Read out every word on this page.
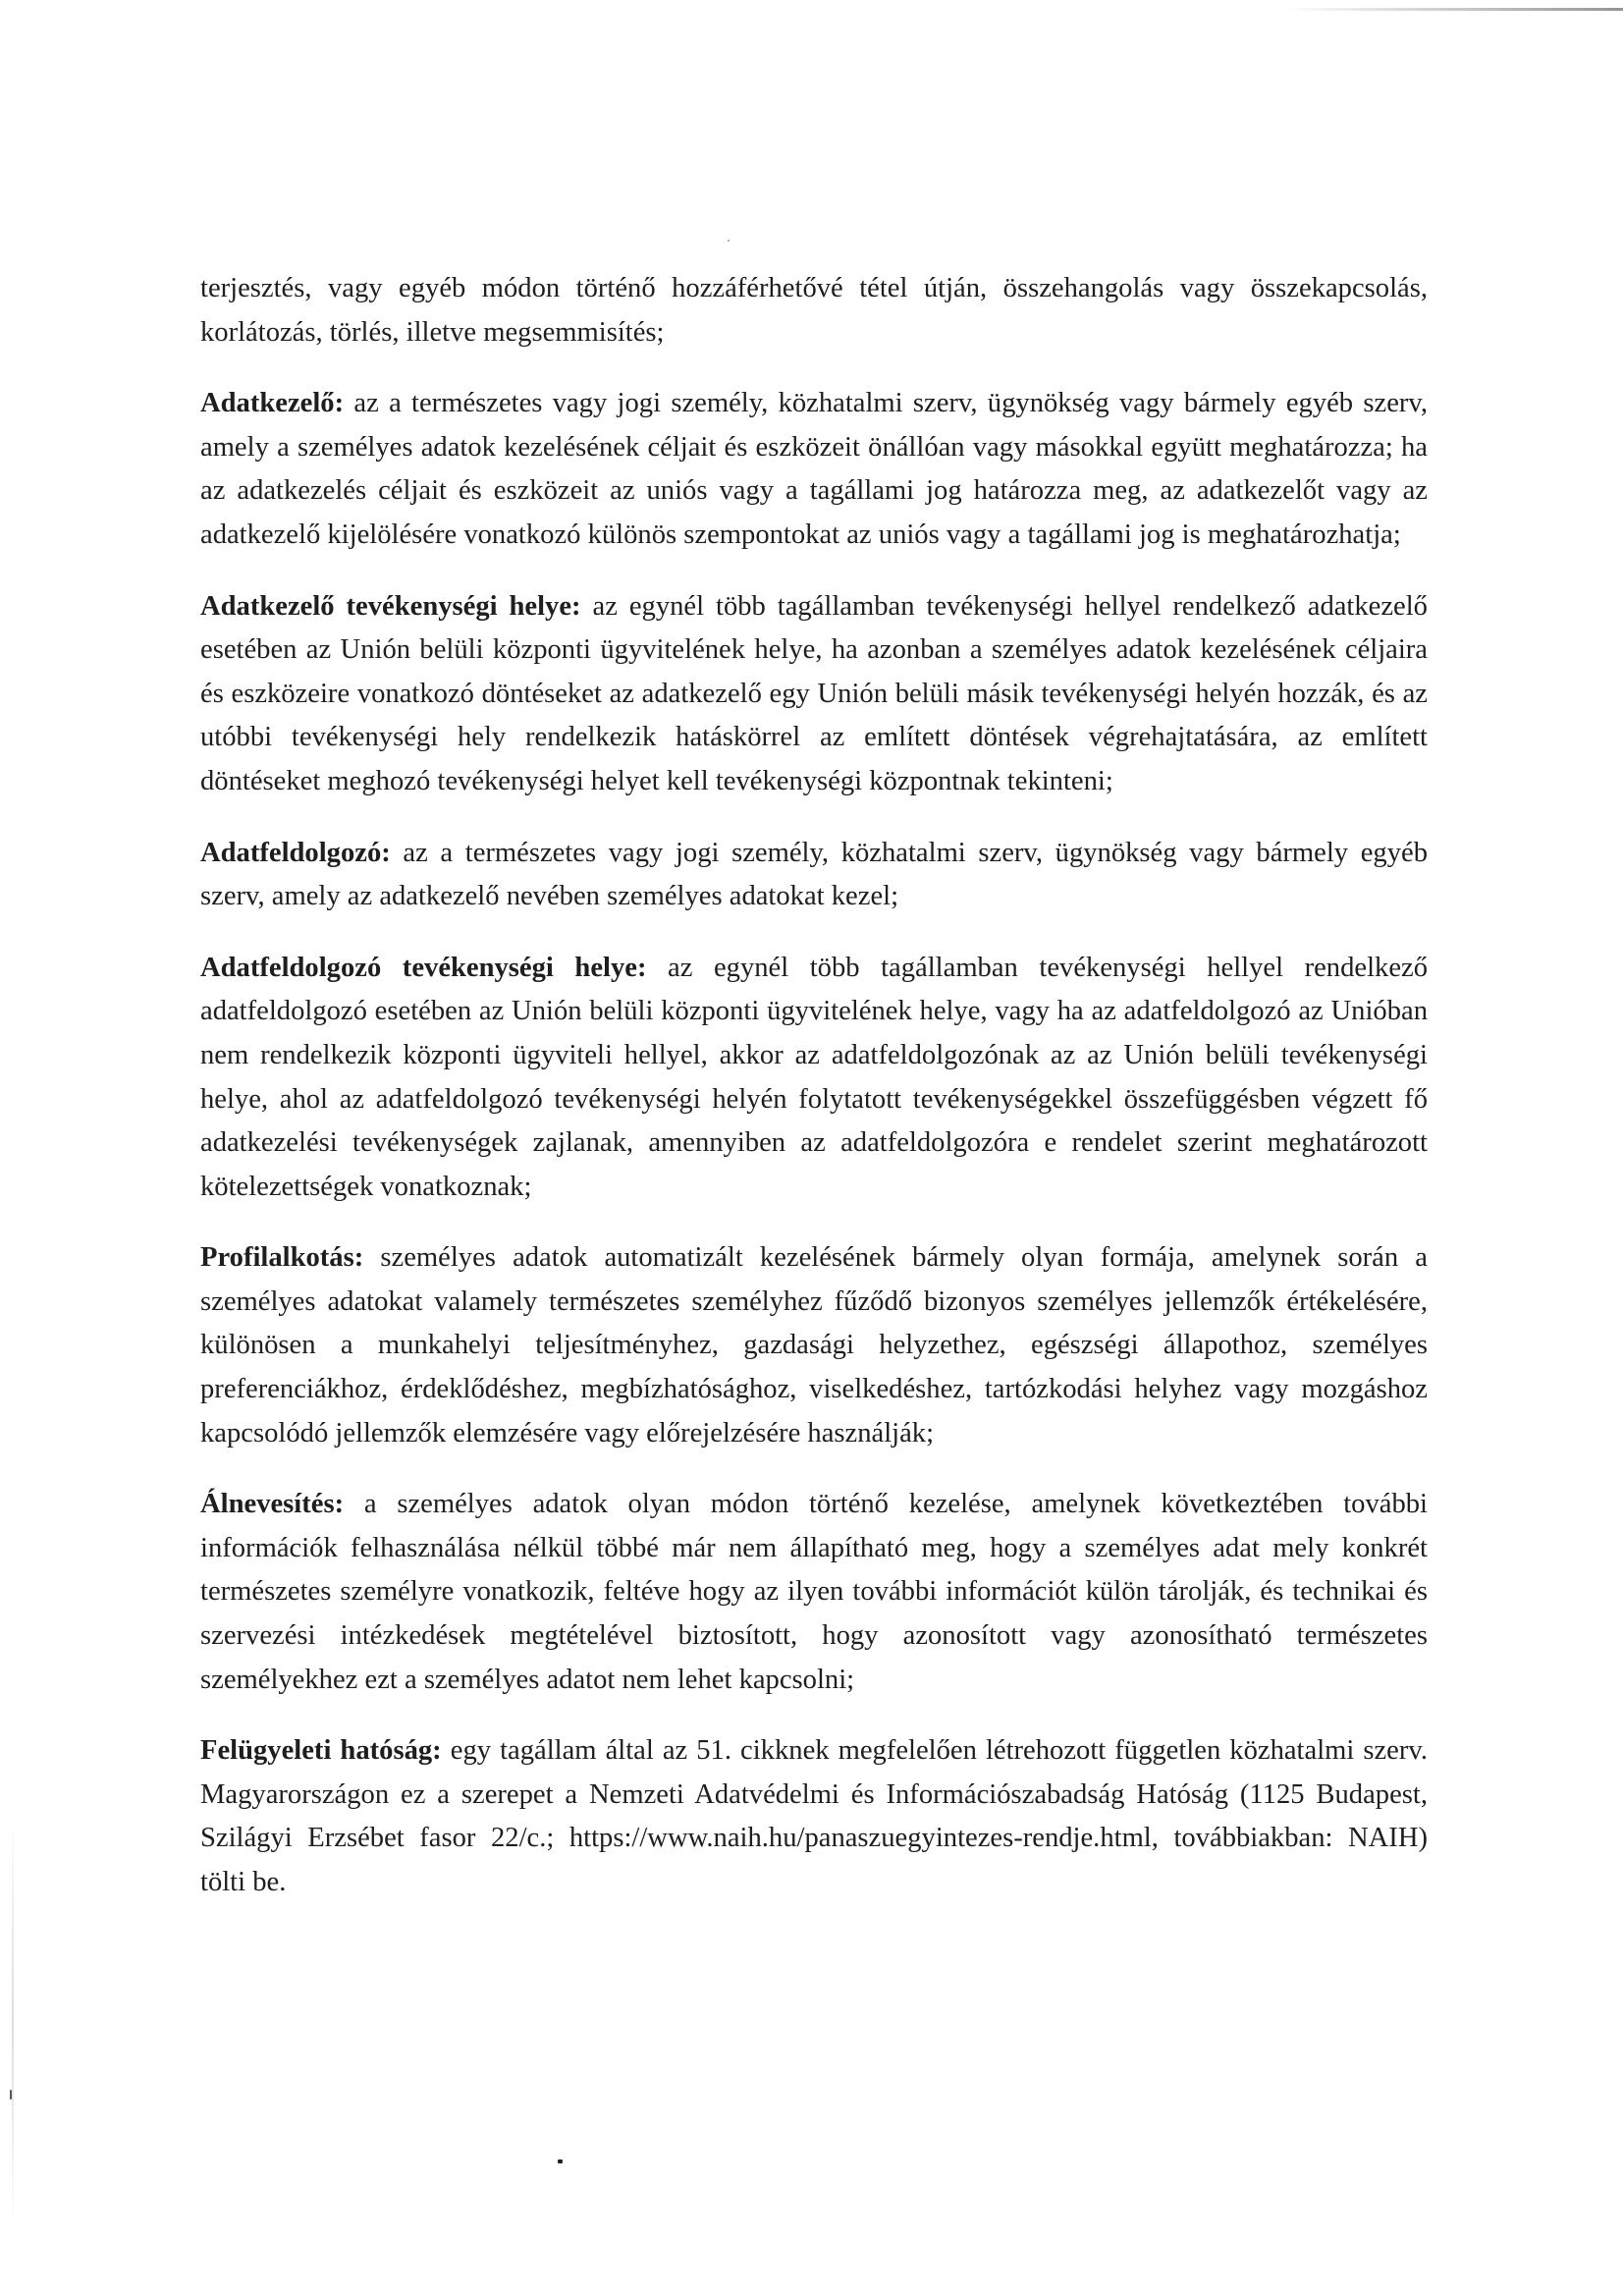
terjesztés, vagy egyéb módon történő hozzáférhetővé tétel útján, összehangolás vagy összekapcsolás, korlátozás, törlés, illetve megsemmisítés;

Adatkezelő: az a természetes vagy jogi személy, közhatalmi szerv, ügynökség vagy bármely egyéb szerv, amely a személyes adatok kezelésének céljait és eszközeit önállóan vagy másokkal együtt meghatározza; ha az adatkezelés céljait és eszközeit az uniós vagy a tagállami jog határozza meg, az adatkezelőt vagy az adatkezelő kijelölésére vonatkozó különös szempontokat az uniós vagy a tagállami jog is meghatározhatja;

Adatkezelő tevékenységi helye: az egynél több tagállamban tevékenységi hellyel rendelkező adatkezelő esetében az Unión belüli központi ügyvitelének helye, ha azonban a személyes adatok kezelésének céljaira és eszközeire vonatkozó döntéseket az adatkezelő egy Unión belüli másik tevékenységi helyén hozzák, és az utóbbi tevékenységi hely rendelkezik hatáskörrel az említett döntések végrehajtatására, az említett döntéseket meghozó tevékenységi helyet kell tevékenységi központnak tekinteni;

Adatfeldolgozó: az a természetes vagy jogi személy, közhatalmi szerv, ügynökség vagy bármely egyéb szerv, amely az adatkezelő nevében személyes adatokat kezel;

Adatfeldolgozó tevékenységi helye: az egynél több tagállamban tevékenységi hellyel rendelkező adatfeldolgozó esetében az Unión belüli központi ügyvitelének helye, vagy ha az adatfeldolgozó az Unióban nem rendelkezik központi ügyviteli hellyel, akkor az adatfeldolgozónak az az Unión belüli tevékenységi helye, ahol az adatfeldolgozó tevékenységi helyén folytatott tevékenységekkel összefüggésben végzett fő adatkezelési tevékenységek zajlanak, amennyiben az adatfeldolgozóra e rendelet szerint meghatározott kötelezettségek vonatkoznak;

Profilalkotás: személyes adatok automatizált kezelésének bármely olyan formája, amelynek során a személyes adatokat valamely természetes személyhez fűződő bizonyos személyes jellemzők értékelésére, különösen a munkahelyi teljesítményhez, gazdasági helyzethez, egészségi állapothoz, személyes preferenciákhoz, érdeklődéshez, megbízhatósághoz, viselkedéshez, tartózkodási helyhez vagy mozgáshoz kapcsolódó jellemzők elemzésére vagy előrejelzésére használják;

Álnevesítés: a személyes adatok olyan módon történő kezelése, amelynek következtében további információk felhasználása nélkül többé már nem állapítható meg, hogy a személyes adat mely konkrét természetes személyre vonatkozik, feltéve hogy az ilyen további információt külön tárolják, és technikai és szervezési intézkedések megtételével biztosított, hogy azonosított vagy azonosítható természetes személyekhez ezt a személyes adatot nem lehet kapcsolni;

Felügyeleti hatóság: egy tagállam által az 51. cikknek megfelelően létrehozott független közhatalmi szerv. Magyarországon ez a szerepet a Nemzeti Adatvédelmi és Információszabadság Hatóság (1125 Budapest, Szilágyi Erzsébet fasor 22/c.; https://www.naih.hu/panaszuegyintezes-rendje.html, továbbiakban: NAIH) tölti be.
